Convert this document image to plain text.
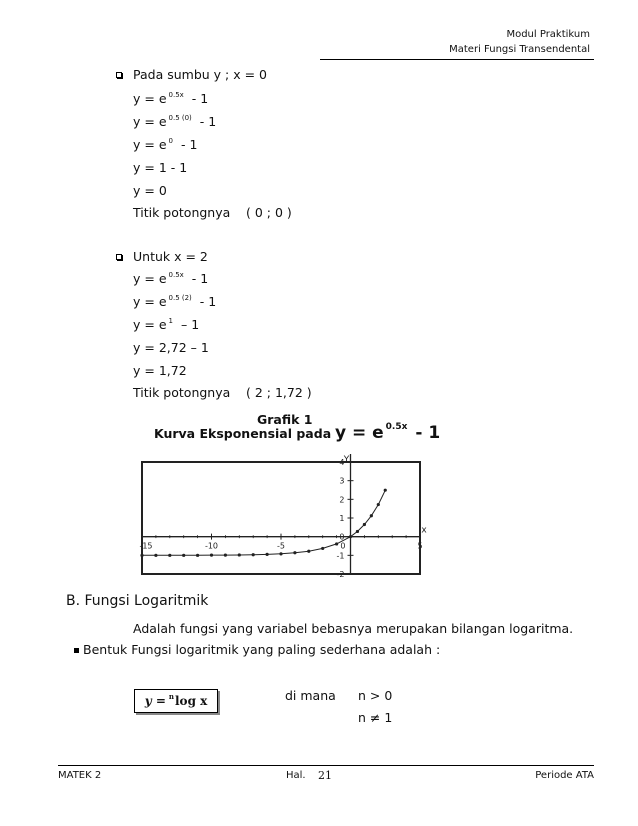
Modul Praktikum
Materi Fungsi Transendental
Pada sumbu y ; x = 0
y = e $^{0.5x}$ - 1
y = e $^{0.5 (0)}$ - 1
y = e $^0$ - 1
y = 1 - 1
y = 0
Titik potongnya ( 0 ; 0 )
Untuk x = 2
y = e $^{0.5x}$ - 1
y = e $^{0.5 (2)}$ - 1
y = e $^1$ – 1
y = 2,72 – 1
y = 1,72
Titik potongnya ( 2 ; 1,72 )
Grafik 1
Kurva Eksponensial pada y = e $^{0.5x}$ - 1
-15	-10	-5	5
-2
-1
1
2
3
4
0
0
Y
x
B. Fungsi Logaritmik
Adalah fungsi yang variabel bebasnya merupakan bilangan logaritma.
Bentuk Fungsi logaritmik yang paling sederhana adalah :
y = n log x	di mana n > 0
n ≠ 1
MATEK 2	Hal. 21	Periode ATA
